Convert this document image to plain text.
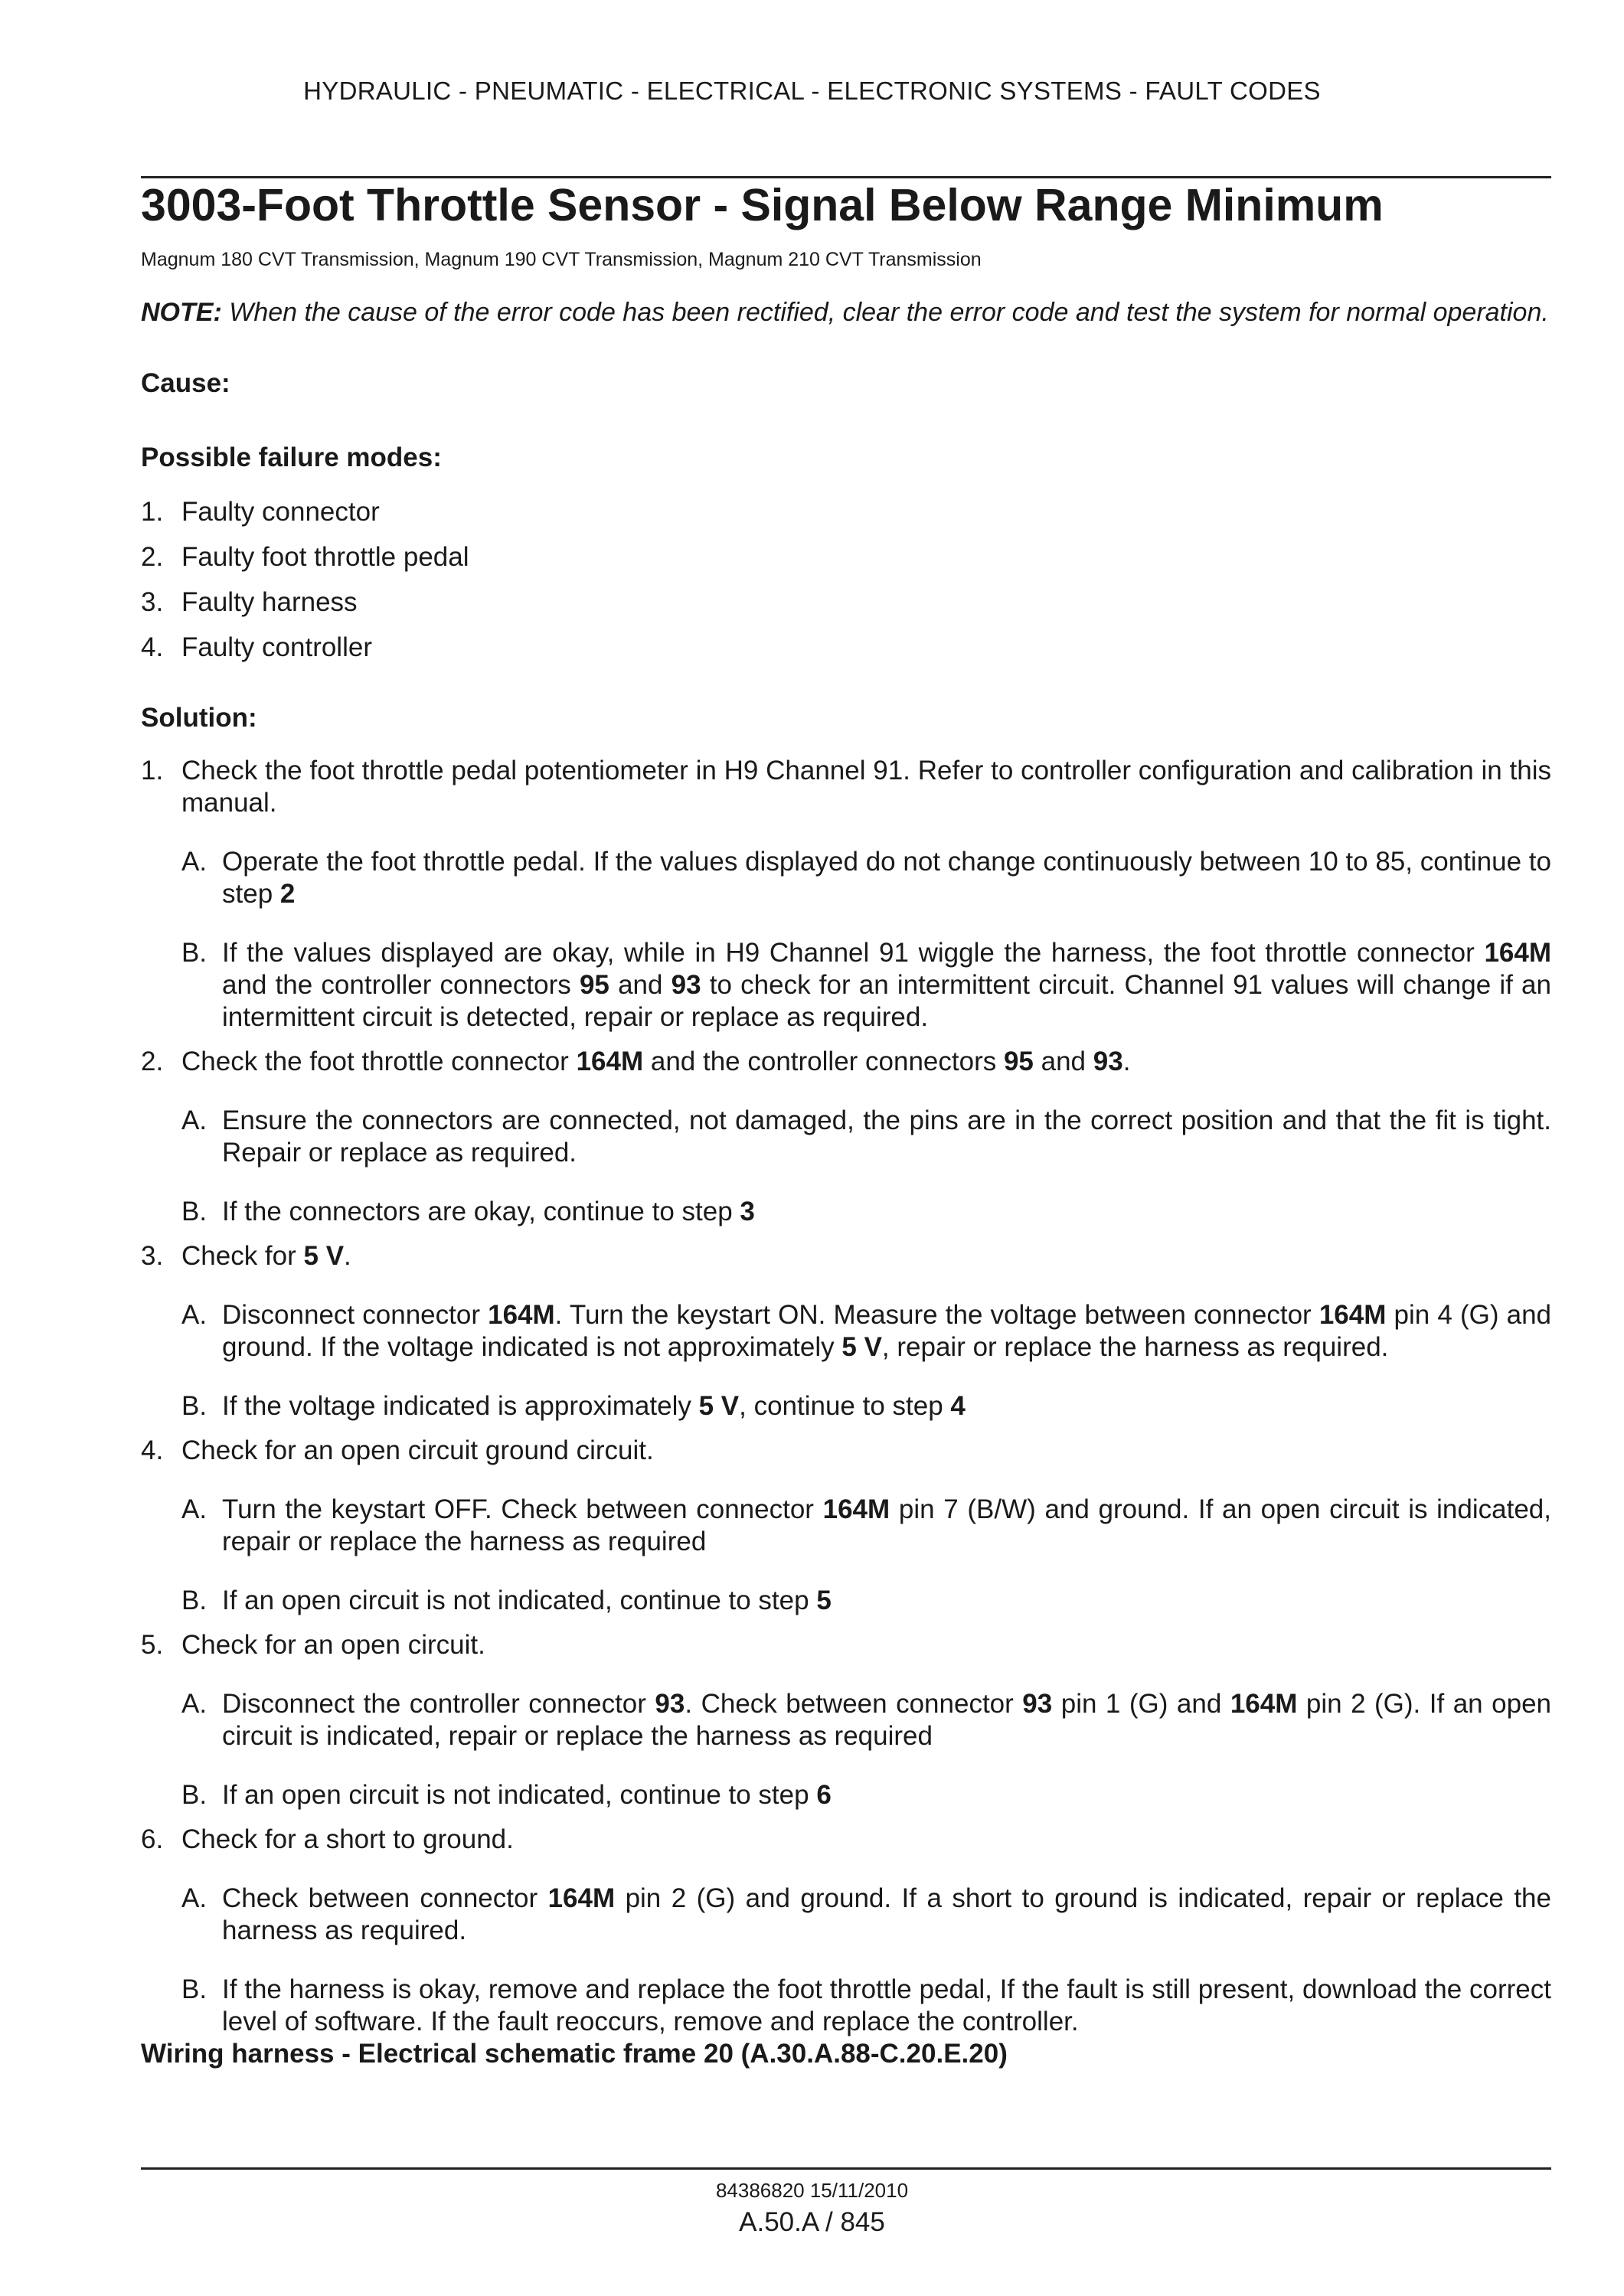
HYDRAULIC - PNEUMATIC - ELECTRICAL - ELECTRONIC SYSTEMS - FAULT CODES
3003-Foot Throttle Sensor - Signal Below Range Minimum
Magnum 180 CVT Transmission, Magnum 190 CVT Transmission, Magnum 210 CVT Transmission
NOTE: When the cause of the error code has been rectified, clear the error code and test the system for normal operation.
Cause:
Possible failure modes:
1. Faulty connector
2. Faulty foot throttle pedal
3. Faulty harness
4. Faulty controller
Solution:
1. Check the foot throttle pedal potentiometer in H9 Channel 91. Refer to controller configuration and calibration in this manual.
A. Operate the foot throttle pedal. If the values displayed do not change continuously between 10 to 85, continue to step 2
B. If the values displayed are okay, while in H9 Channel 91 wiggle the harness, the foot throttle connector 164M and the controller connectors 95 and 93 to check for an intermittent circuit. Channel 91 values will change if an intermittent circuit is detected, repair or replace as required.
2. Check the foot throttle connector 164M and the controller connectors 95 and 93.
A. Ensure the connectors are connected, not damaged, the pins are in the correct position and that the fit is tight. Repair or replace as required.
B. If the connectors are okay, continue to step 3
3. Check for 5 V.
A. Disconnect connector 164M. Turn the keystart ON. Measure the voltage between connector 164M pin 4 (G) and ground. If the voltage indicated is not approximately 5 V, repair or replace the harness as required.
B. If the voltage indicated is approximately 5 V, continue to step 4
4. Check for an open circuit ground circuit.
A. Turn the keystart OFF. Check between connector 164M pin 7 (B/W) and ground. If an open circuit is indicated, repair or replace the harness as required
B. If an open circuit is not indicated, continue to step 5
5. Check for an open circuit.
A. Disconnect the controller connector 93. Check between connector 93 pin 1 (G) and 164M pin 2 (G). If an open circuit is indicated, repair or replace the harness as required
B. If an open circuit is not indicated, continue to step 6
6. Check for a short to ground.
A. Check between connector 164M pin 2 (G) and ground. If a short to ground is indicated, repair or replace the harness as required.
B. If the harness is okay, remove and replace the foot throttle pedal, If the fault is still present, download the correct level of software. If the fault reoccurs, remove and replace the controller.
Wiring harness - Electrical schematic frame 20 (A.30.A.88-C.20.E.20)
84386820 15/11/2010
A.50.A / 845
